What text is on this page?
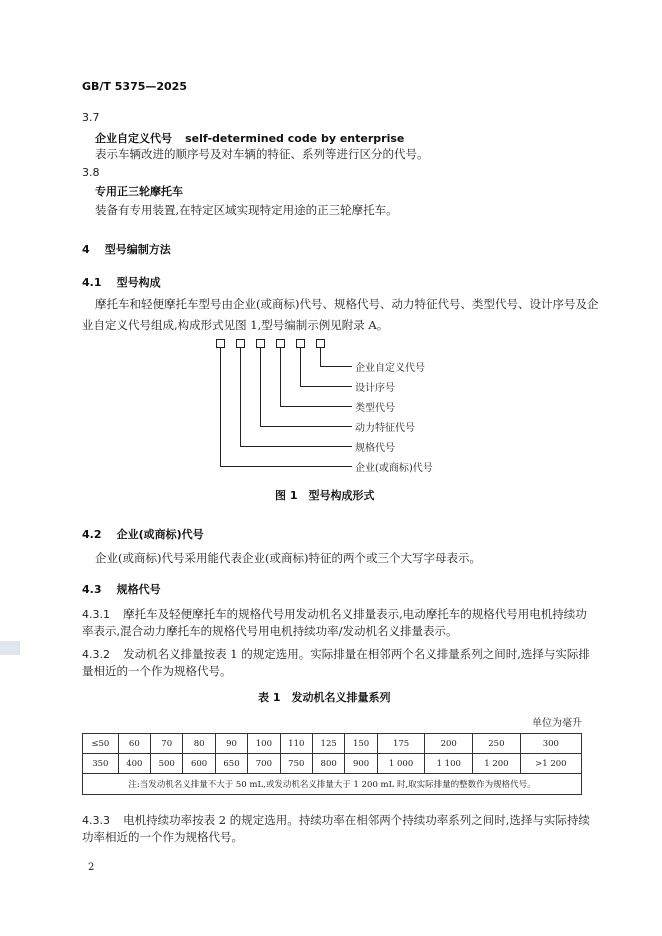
GB/T 5375—2025
3.7
企业自定义代号 self-determined code by enterprise
表示车辆改进的顺序号及对车辆的特征、系列等进行区分的代号。
3.8
专用正三轮摩托车
装备有专用装置,在特定区域实现特定用途的正三轮摩托车。
4 型号编制方法
4.1 型号构成
摩托车和轻便摩托车型号由企业(或商标)代号、规格代号、动力特征代号、类型代号、设计序号及企
业自定义代号组成,构成形式见图 1,型号编制示例见附录 A。
企业自定义代号
设计序号
类型代号
动力特征代号
规格代号
企业(或商标)代号
图 1　型号构成形式
4.2 企业(或商标)代号
企业(或商标)代号采用能代表企业(或商标)特征的两个或三个大写字母表示。
4.3 规格代号
4.3.1 摩托车及轻便摩托车的规格代号用发动机名义排量表示,电动摩托车的规格代号用电机持续功
率表示,混合动力摩托车的规格代号用电机持续功率/发动机名义排量表示。
4.3.2 发动机名义排量按表 1 的规定选用。实际排量在相邻两个名义排量系列之间时,选择与实际排
量相近的一个作为规格代号。
表 1　发动机名义排量系列
单位为毫升
≤50	60	70	80	90	100	110	125	150	175	200	250	300
350	400	500	600	650	700	750	800	900	1 000	1 100	1 200	>1 200
注:当发动机名义排量不大于 50 mL,或发动机名义排量大于 1 200 mL 时,取实际排量的整数作为规格代号。												
4.3.3 电机持续功率按表 2 的规定选用。持续功率在相邻两个持续功率系列之间时,选择与实际持续
功率相近的一个作为规格代号。
2
